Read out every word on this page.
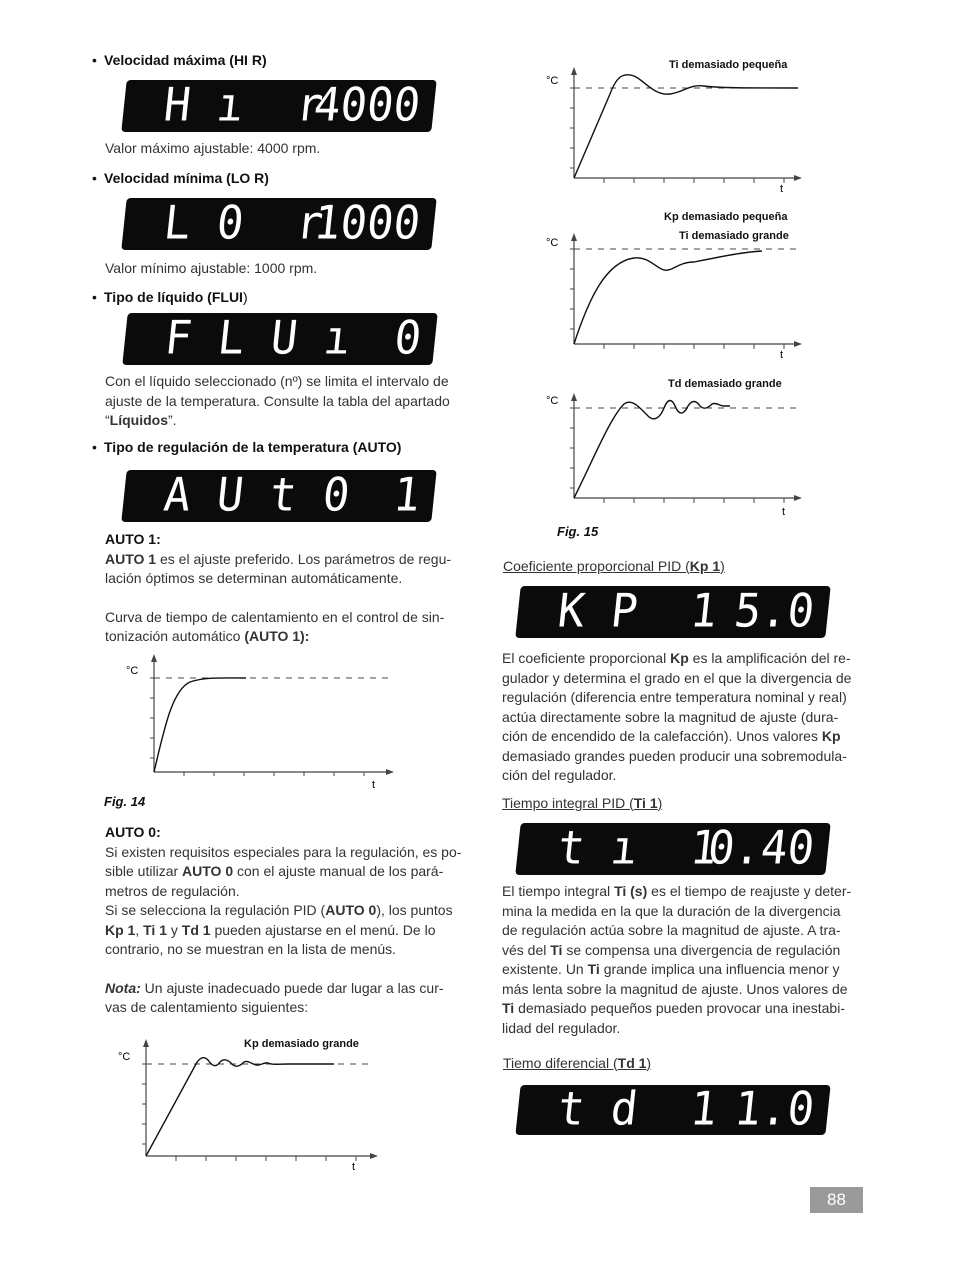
• Velocidad máxima (HI R)
H ı  r
4000
Valor máximo ajustable: 4000 rpm.
• Velocidad mínima (LO R)
L 0  r
1000
Valor mínimo ajustable: 1000 rpm.
• Tipo de líquido (FLUI)
F L U ı 0
Con el líquido seleccionado (nº) se limita el intervalo de
ajuste de la temperatura. Consulte la tabla del apartado
“Líquidos”.
• Tipo de regulación de la temperatura (AUTO)
A U t 0 1
AUTO 1:
AUTO 1 es el ajuste preferido. Los parámetros de regu-
lación óptimos se determinan automáticamente.
Curva de tiempo de calentamiento en el control de sin-
tonización automático (AUTO 1):
°C
t
Fig. 14
AUTO 0:
Si existen requisitos especiales para la regulación, es po-
sible utilizar AUTO 0 con el ajuste manual de los pará-
metros de regulación.
Si se selecciona la regulación PID (AUTO 0), los puntos
Kp 1, Ti 1 y Td 1 pueden ajustarse en el menú. De lo
contrario, no se muestran en la lista de menús.
Nota: Un ajuste inadecuado puede dar lugar a las cur-
vas de calentamiento siguientes:
°C
t
Kp demasiado grande
Ti demasiado pequeña
°C
t
Kp demasiado pequeña
Ti demasiado grande
°C
t
Td demasiado grande
°C
t
Fig. 15
Coeficiente proporcional PID (Kp 1)
K P  1 5.0
El coeficiente proporcional Kp es la amplificación del re-
gulador y determina el grado en el que la divergencia de
regulación (diferencia entre temperatura nominal y real)
actúa directamente sobre la magnitud de ajuste (dura-
ción de encendido de la calefacción). Unos valores Kp
demasiado grandes pueden producir una sobremodula-
ción del regulador.
Tiempo integral PID (Ti 1)
t ı  1
0.40
El tiempo integral Ti (s) es el tiempo de reajuste y deter-
mina la medida en la que la duración de la divergencia
de regulación actúa sobre la magnitud de ajuste. A tra-
vés del Ti se compensa una divergencia de regulación
existente. Un Ti grande implica una influencia menor y
más lenta sobre la magnitud de ajuste. Unos valores de
Ti demasiado pequeños pueden provocar una inestabi-
lidad del regulador.
Tiemo diferencial (Td 1)
t d  1 1.0
88
